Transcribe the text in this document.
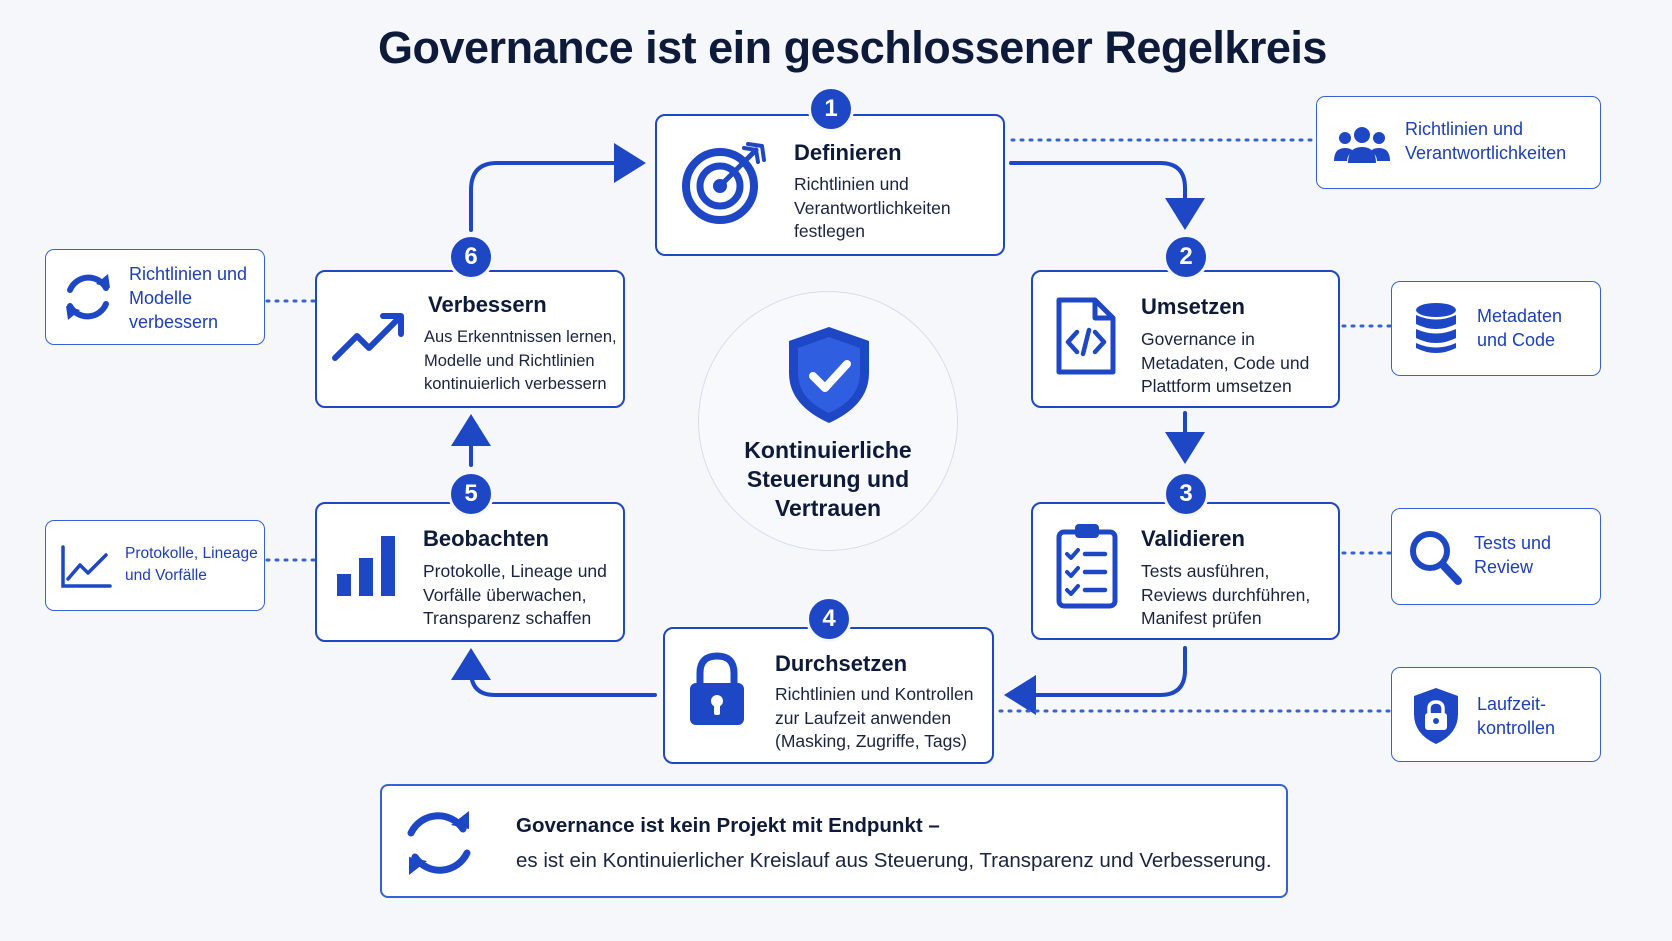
Governance ist ein geschlossener Regelkreis
Kontinuierliche Steuerung und Vertrauen
Definieren
Richtlinien und Verantwortlichkeiten festlegen
1
Umsetzen
Governance in Metadaten, Code und Plattform umsetzen
2
Validieren
Tests ausführen, Reviews durchführen, Manifest prüfen
3
Durchsetzen
Richtlinien und Kontrollen zur Laufzeit anwenden (Masking, Zugriffe, Tags)
4
Beobachten
Protokolle, Lineage und Vorfälle überwachen, Transparenz schaffen
5
Verbessern
Aus Erkenntnissen lernen, Modelle und Richtlinien kontinuierlich verbessern
6
Richtlinien und Verantwortlichkeiten
Metadaten und Code
Tests und Review
Laufzeit-kontrollen
Protokolle, Lineage und Vorfälle
Richtlinien und Modelle verbessern
Governance ist kein Projekt mit Endpunkt –
es ist ein Kontinuierlicher Kreislauf aus Steuerung, Transparenz und Verbesserung.
